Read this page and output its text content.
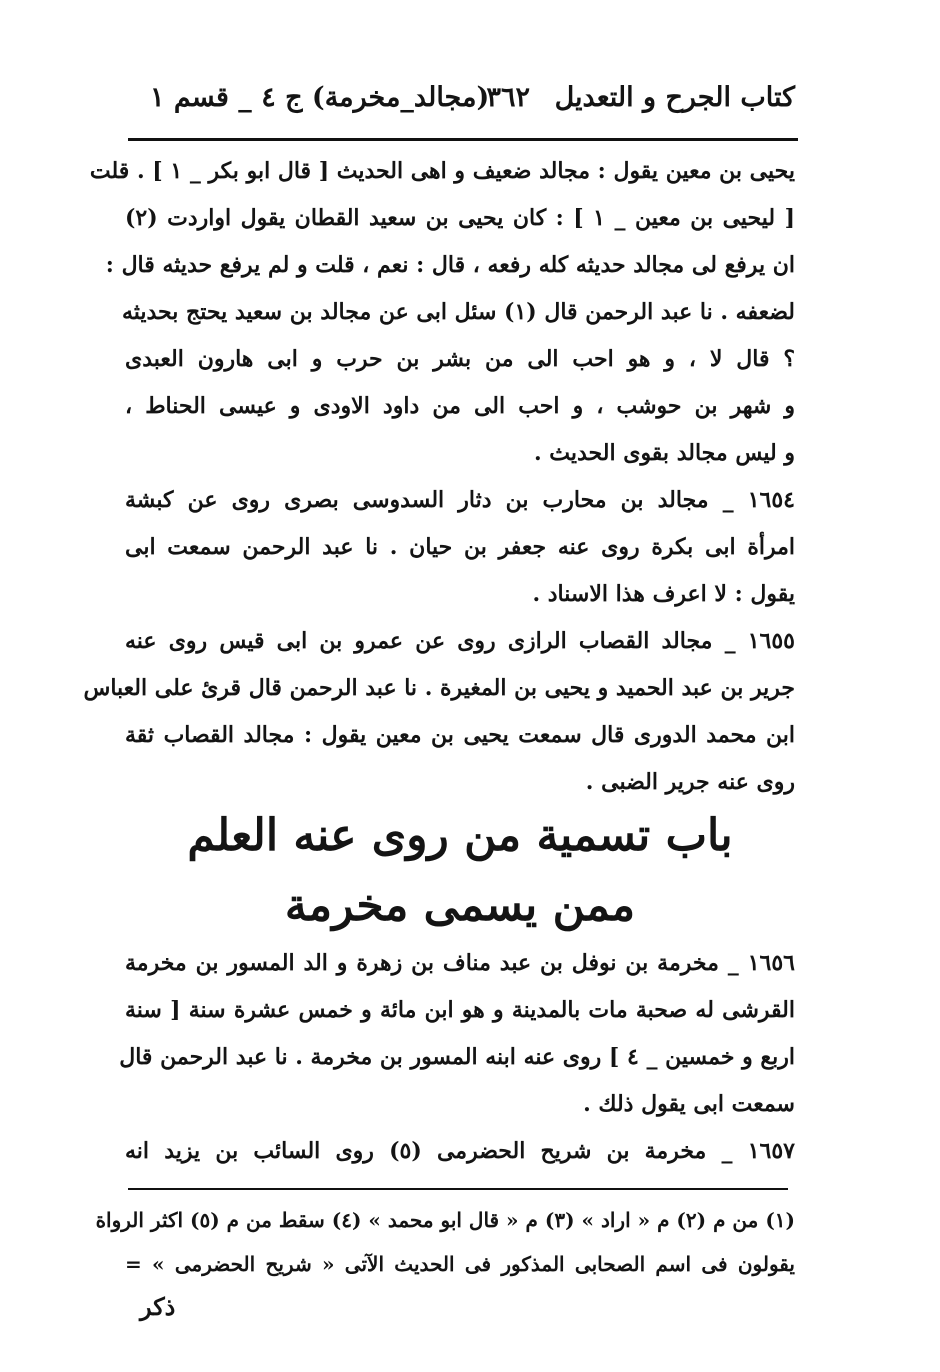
كتاب الجرح و التعديل
٣٦٢
(مجالد_مخرمة) ج ٤ _ قسم ١
يحيى بن معين يقول : مجالد ضعيف و اهى الحديث [ قال ابو بكر _ ١ ] . قلت
[ ليحيى بن معين _ ١ ] : كان يحيى بن سعيد القطان يقول اواردت (٢)
ان يرفع لى مجالد حديثه كله رفعه ، قال : نعم ، قلت و لم يرفع حديثه قال :
لضعفه . نا عبد الرحمن قال (١) سئل ابى عن مجالد بن سعيد يحتج بحديثه
؟ قال لا ، و هو احب الى من بشر بن حرب و ابى هارون العبدى
و شهر بن حوشب ، و احب الى من داود الاودى و عيسى الحناط ،
و ليس مجالد بقوى الحديث .
١٦٥٤ _ مجالد بن محارب بن دثار السدوسى بصرى روى عن كبشة
امرأة ابى بكرة روى عنه جعفر بن حيان . نا عبد الرحمن سمعت ابى
يقول : لا اعرف هذا الاسناد .
١٦٥٥ _ مجالد القصاب الرازى روى عن عمرو بن ابى قيس روى عنه
جرير بن عبد الحميد و يحيى بن المغيرة . نا عبد الرحمن قال قرئ على العباس
ابن محمد الدورى قال سمعت يحيى بن معين يقول : مجالد القصاب ثقة
روى عنه جرير الضبى .
باب تسمية من روى عنه العلم
ممن يسمى مخرمة
١٦٥٦ _ مخرمة بن نوفل بن عبد مناف بن زهرة و الد المسور بن مخرمة
القرشى له صحبة مات بالمدينة و هو ابن مائة و خمس عشرة سنة [ سنة
اربع و خمسين _ ٤ ] روى عنه ابنه المسور بن مخرمة . نا عبد الرحمن قال
سمعت ابى يقول ذلك .
١٦٥٧ _ مخرمة بن شريح الحضرمى (٥) روى السائب بن يزيد انه
(١) من م (٢) م « اراد » (٣) م « قال ابو محمد » (٤) سقط من م (٥) اكثر الرواة
يقولون فى اسم الصحابى المذكور فى الحديث الآتى « شريح الحضرمى » =
ذكر
